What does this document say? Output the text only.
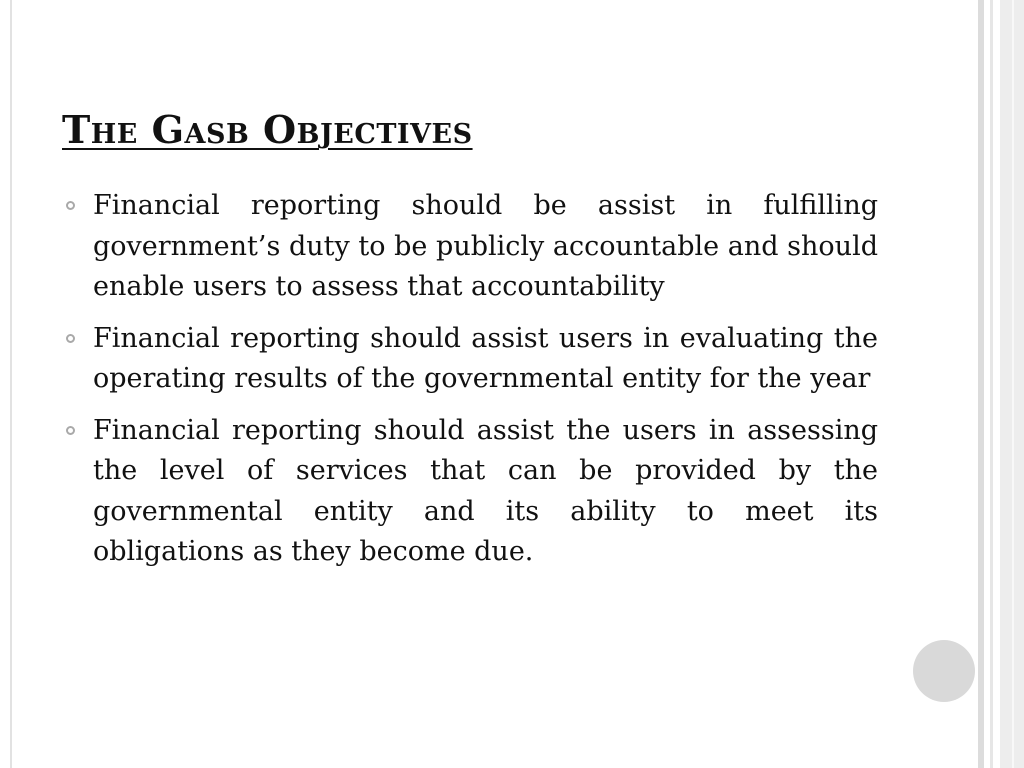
The Gasb Objectives
Financial reporting should be assist in fulfilling government’s duty to be publicly accountable and should enable users to assess that accountability
Financial reporting should assist users in evaluating the operating results of the governmental entity for the year
Financial reporting should assist the users in assessing the level of services that can be provided by the governmental entity and its ability to meet its obligations as they become due.
